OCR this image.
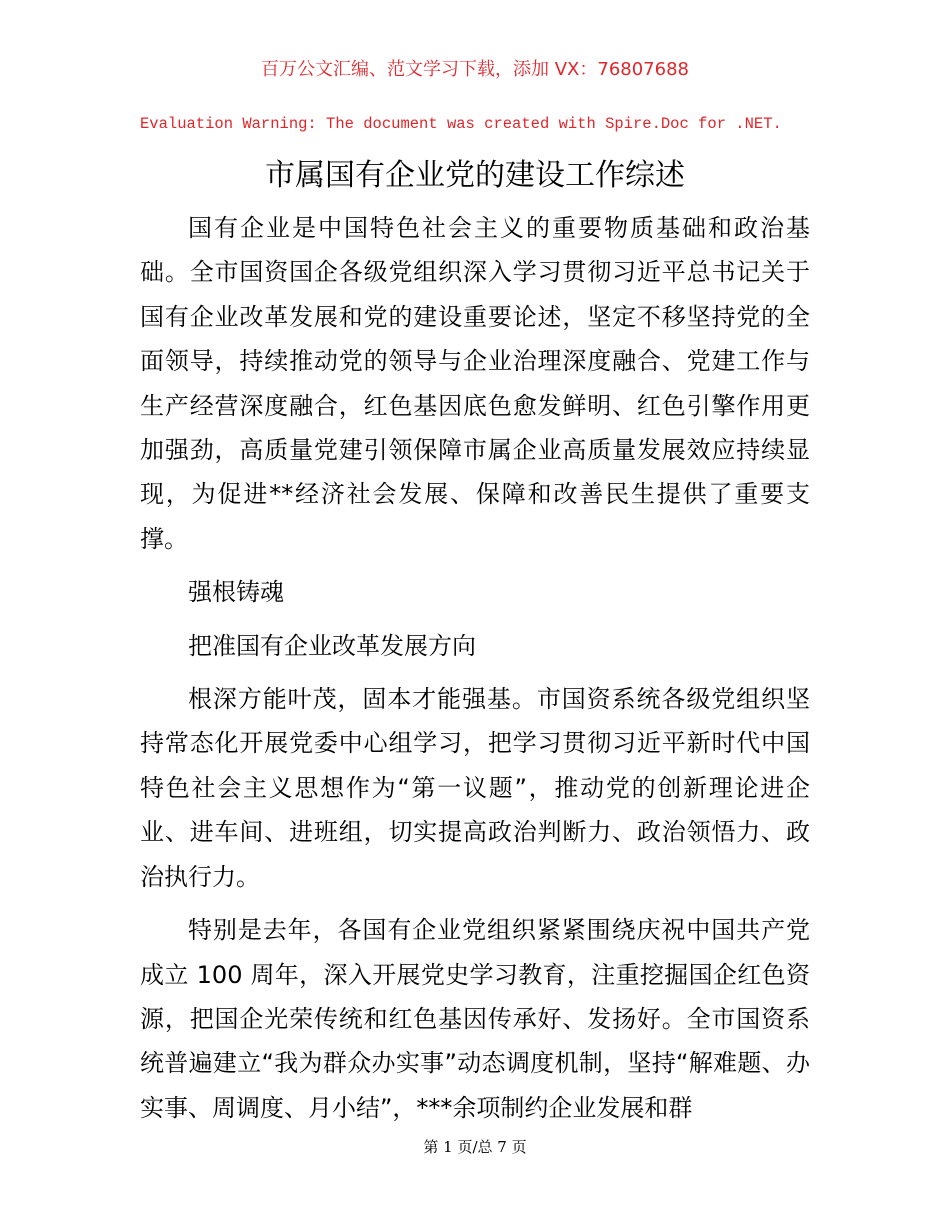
百万公文汇编、范文学习下载，添加 VX：76807688
Evaluation Warning: The document was created with Spire.Doc for .NET.
市属国有企业党的建设工作综述

国有企业是中国特色社会主义的重要物质基础和政治基础。全市国资国企各级党组织深入学习贯彻习近平总书记关于国有企业改革发展和党的建设重要论述，坚定不移坚持党的全面领导，持续推动党的领导与企业治理深度融合、党建工作与生产经营深度融合，红色基因底色愈发鲜明、红色引擎作用更加强劲，高质量党建引领保障市属企业高质量发展效应持续显现，为促进**经济社会发展、保障和改善民生提供了重要支撑。

强根铸魂

把准国有企业改革发展方向

根深方能叶茂，固本才能强基。市国资系统各级党组织坚持常态化开展党委中心组学习，把学习贯彻习近平新时代中国特色社会主义思想作为“第一议题”，推动党的创新理论进企业、进车间、进班组，切实提高政治判断力、政治领悟力、政治执行力。

特别是去年，各国有企业党组织紧紧围绕庆祝中国共产党成立 100 周年，深入开展党史学习教育，注重挖掘国企红色资源，把国企光荣传统和红色基因传承好、发扬好。全市国资系统普遍建立“我为群众办实事”动态调度机制，坚持“解难题、办实事、周调度、月小结”，***余项制约企业发展和群

第 1 页/总 7 页
